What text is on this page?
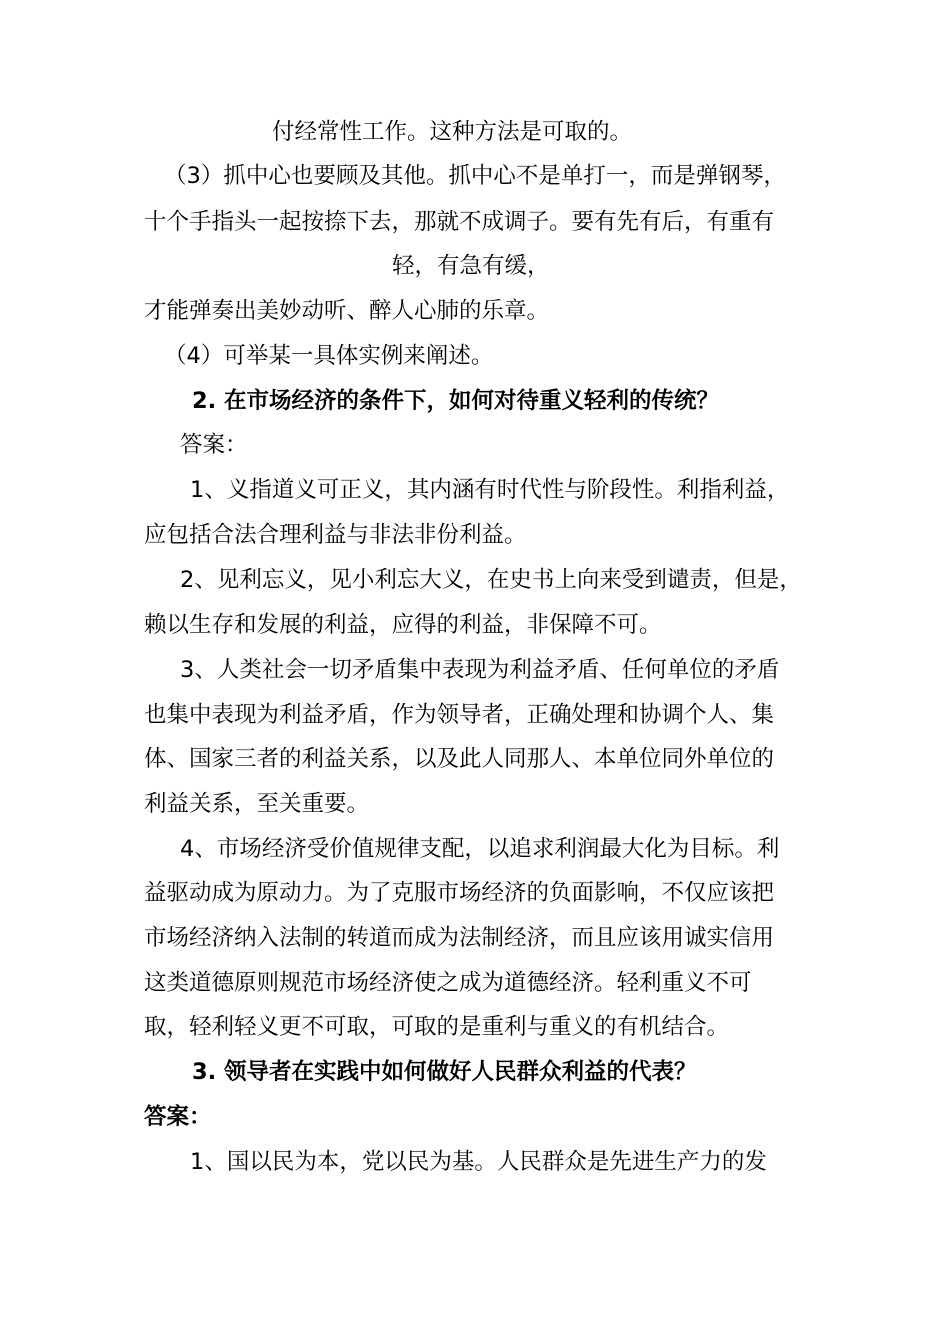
付经常性工作。这种方法是可取的。
（3）抓中心也要顾及其他。抓中心不是单打一，而是弹钢琴，
十个手指头一起按捺下去，那就不成调子。要有先有后，有重有
轻，有急有缓，
才能弹奏出美妙动听、醉人心肺的乐章。
（4）可举某一具体实例来阐述。
2. 在市场经济的条件下，如何对待重义轻利的传统？
答案：
1、义指道义可正义，其内涵有时代性与阶段性。利指利益，
应包括合法合理利益与非法非份利益。
2、见利忘义，见小利忘大义，在史书上向来受到谴责，但是，
赖以生存和发展的利益，应得的利益，非保障不可。
3、人类社会一切矛盾集中表现为利益矛盾、任何单位的矛盾
也集中表现为利益矛盾，作为领导者，正确处理和协调个人、集
体、国家三者的利益关系，以及此人同那人、本单位同外单位的
利益关系，至关重要。
4、市场经济受价值规律支配，以追求利润最大化为目标。利
益驱动成为原动力。为了克服市场经济的负面影响，不仅应该把
市场经济纳入法制的转道而成为法制经济，而且应该用诚实信用
这类道德原则规范市场经济使之成为道德经济。轻利重义不可
取，轻利轻义更不可取，可取的是重利与重义的有机结合。
3. 领导者在实践中如何做好人民群众利益的代表？
答案：
1、国以民为本，党以民为基。人民群众是先进生产力的发
